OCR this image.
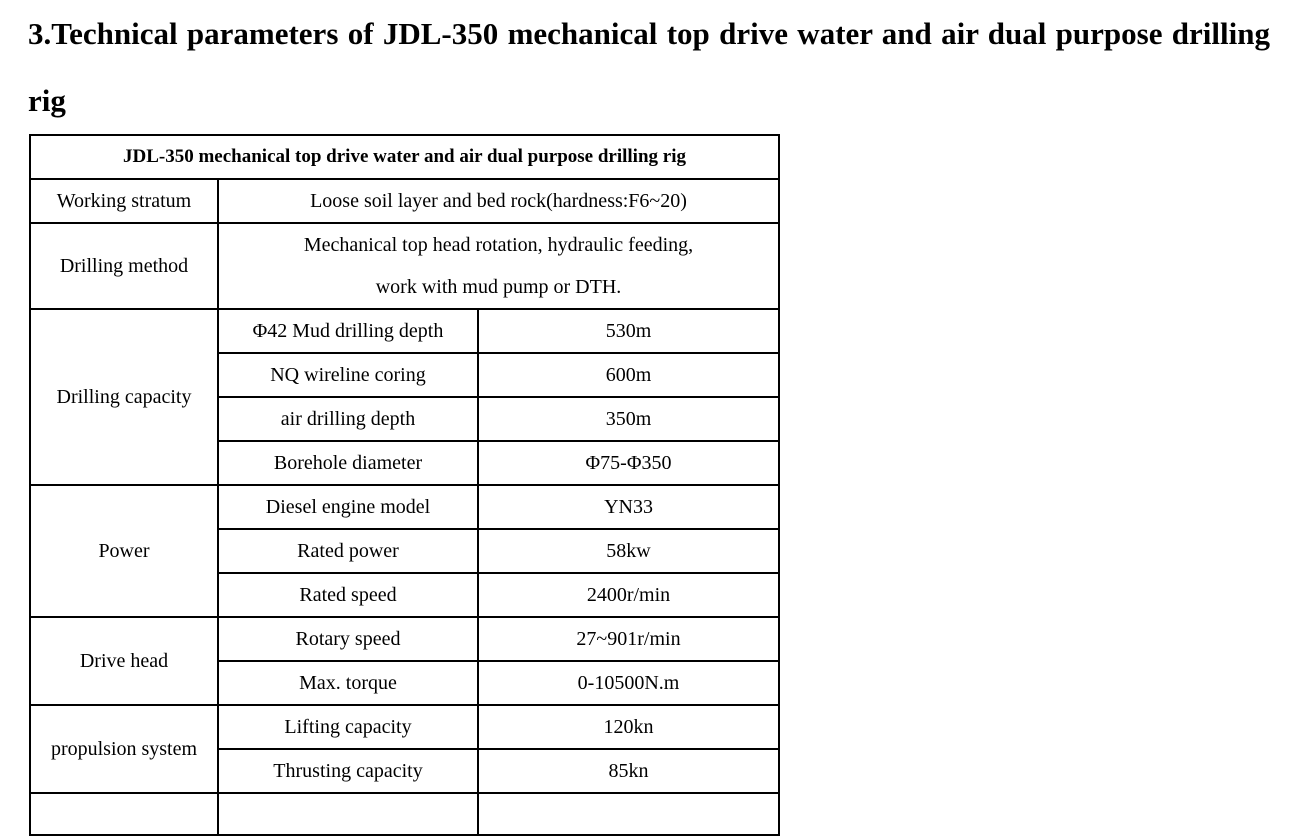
3.Technical parameters of JDL-350 mechanical top drive water and air dual purpose drilling rig
JDL-350 mechanical top drive water and air dual purpose drilling rig		
Working stratum	Loose soil layer and bed rock(hardness:F6~20)	
Drilling method	Mechanical top head rotation, hydraulic feeding,
work with mud pump or DTH.	

Drilling capacity	Φ42 Mud drilling depth	530m
	NQ wireline coring	600m
	air drilling depth	350m
	Borehole diameter	Φ75-Φ350
Power	Diesel engine model	YN33
	Rated power	58kw
	Rated speed	2400r/min
Drive head	Rotary speed	27~901r/min
	Max. torque	0-10500N.m
propulsion system	Lifting capacity	120kn
	Thrusting capacity	85kn
